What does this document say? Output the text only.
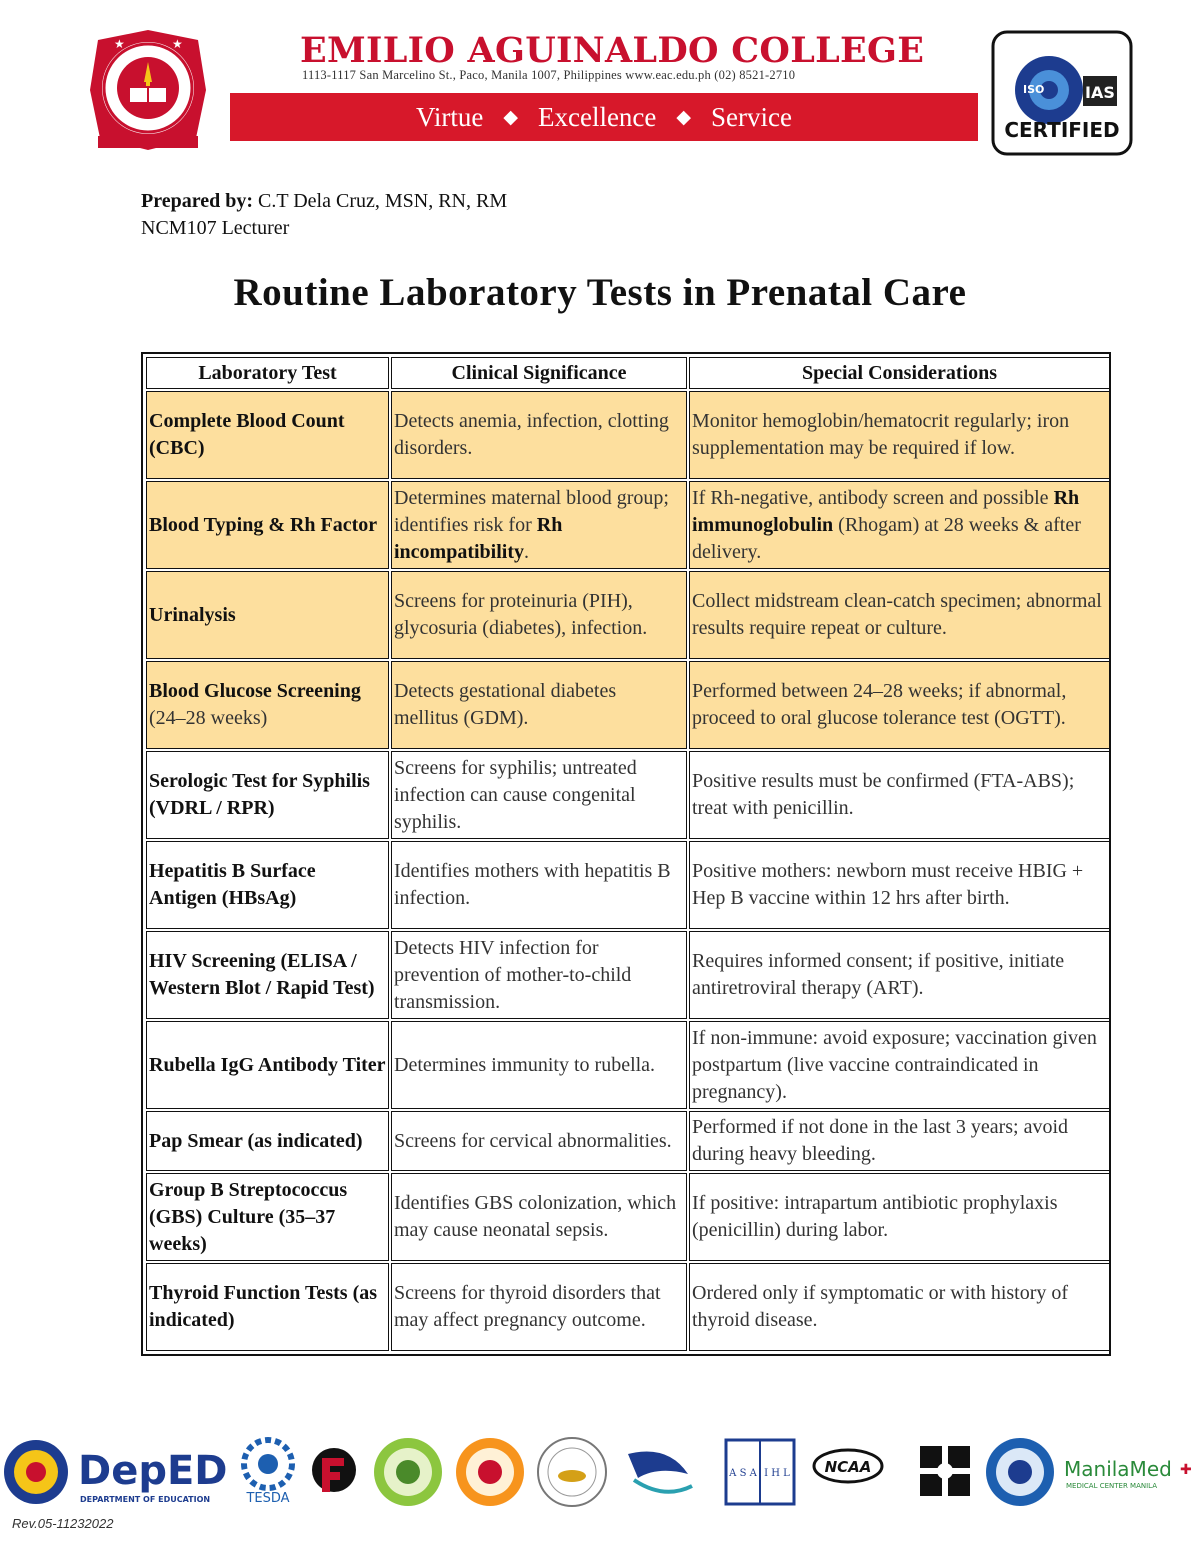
★	★	EMILIO AGUINALDO COLLEGE
1113-1117 San Marcelino St., Paco, Manila 1007, Philippines www.eac.edu.ph (02) 8521-2710
Virtue ◆ Excellence ◆ Service
ISO	IAS
CERTIFIED
Prepared by: C.T Dela Cruz, MSN, RN, RM
NCM107 Lecturer
Routine Laboratory Tests in Prenatal Care
Laboratory Test	Clinical Significance	Special Considerations
Complete Blood Count (CBC)	Detects anemia, infection, clotting disorders.	Monitor hemoglobin/hematocrit regularly; iron supplementation may be required if low.
Blood Typing & Rh Factor	Determines maternal blood group; identifies risk for Rh incompatibility.	If Rh-negative, antibody screen and possible Rh immunoglobulin (Rhogam) at 28 weeks & after delivery.
Urinalysis	Screens for proteinuria (PIH), glycosuria (diabetes), infection.	Collect midstream clean-catch specimen; abnormal results require repeat or culture.
Blood Glucose Screening (24–28 weeks)	Detects gestational diabetes mellitus (GDM).	Performed between 24–28 weeks; if abnormal, proceed to oral glucose tolerance test (OGTT).
Serologic Test for Syphilis (VDRL / RPR)	Screens for syphilis; untreated infection can cause congenital syphilis.	Positive results must be confirmed (FTA-ABS); treat with penicillin.
Hepatitis B Surface Antigen (HBsAg)	Identifies mothers with hepatitis B infection.	Positive mothers: newborn must receive HBIG + Hep B vaccine within 12 hrs after birth.
HIV Screening (ELISA / Western Blot / Rapid Test)	Detects HIV infection for prevention of mother-to-child transmission.	Requires informed consent; if positive, initiate antiretroviral therapy (ART).
Rubella IgG Antibody Titer	Determines immunity to rubella.	If non-immune: avoid exposure; vaccination given postpartum (live vaccine contraindicated in pregnancy).
Pap Smear (as indicated)	Screens for cervical abnormalities.	Performed if not done in the last 3 years; avoid during heavy bleeding.
Group B Streptococcus (GBS) Culture (35–37 weeks)	Identifies GBS colonization, which may cause neonatal sepsis.	If positive: intrapartum antibiotic prophylaxis (penicillin) during labor.
Thyroid Function Tests (as indicated)	Screens for thyroid disorders that may affect pregnancy outcome.	Ordered only if symptomatic or with history of thyroid disease.
DepED
DEPARTMENT OF EDUCATION	TESDA
A S A I H L NCAA	ManilaMed
MEDICAL CENTER MANILA
✚
Rev.05-11232022
